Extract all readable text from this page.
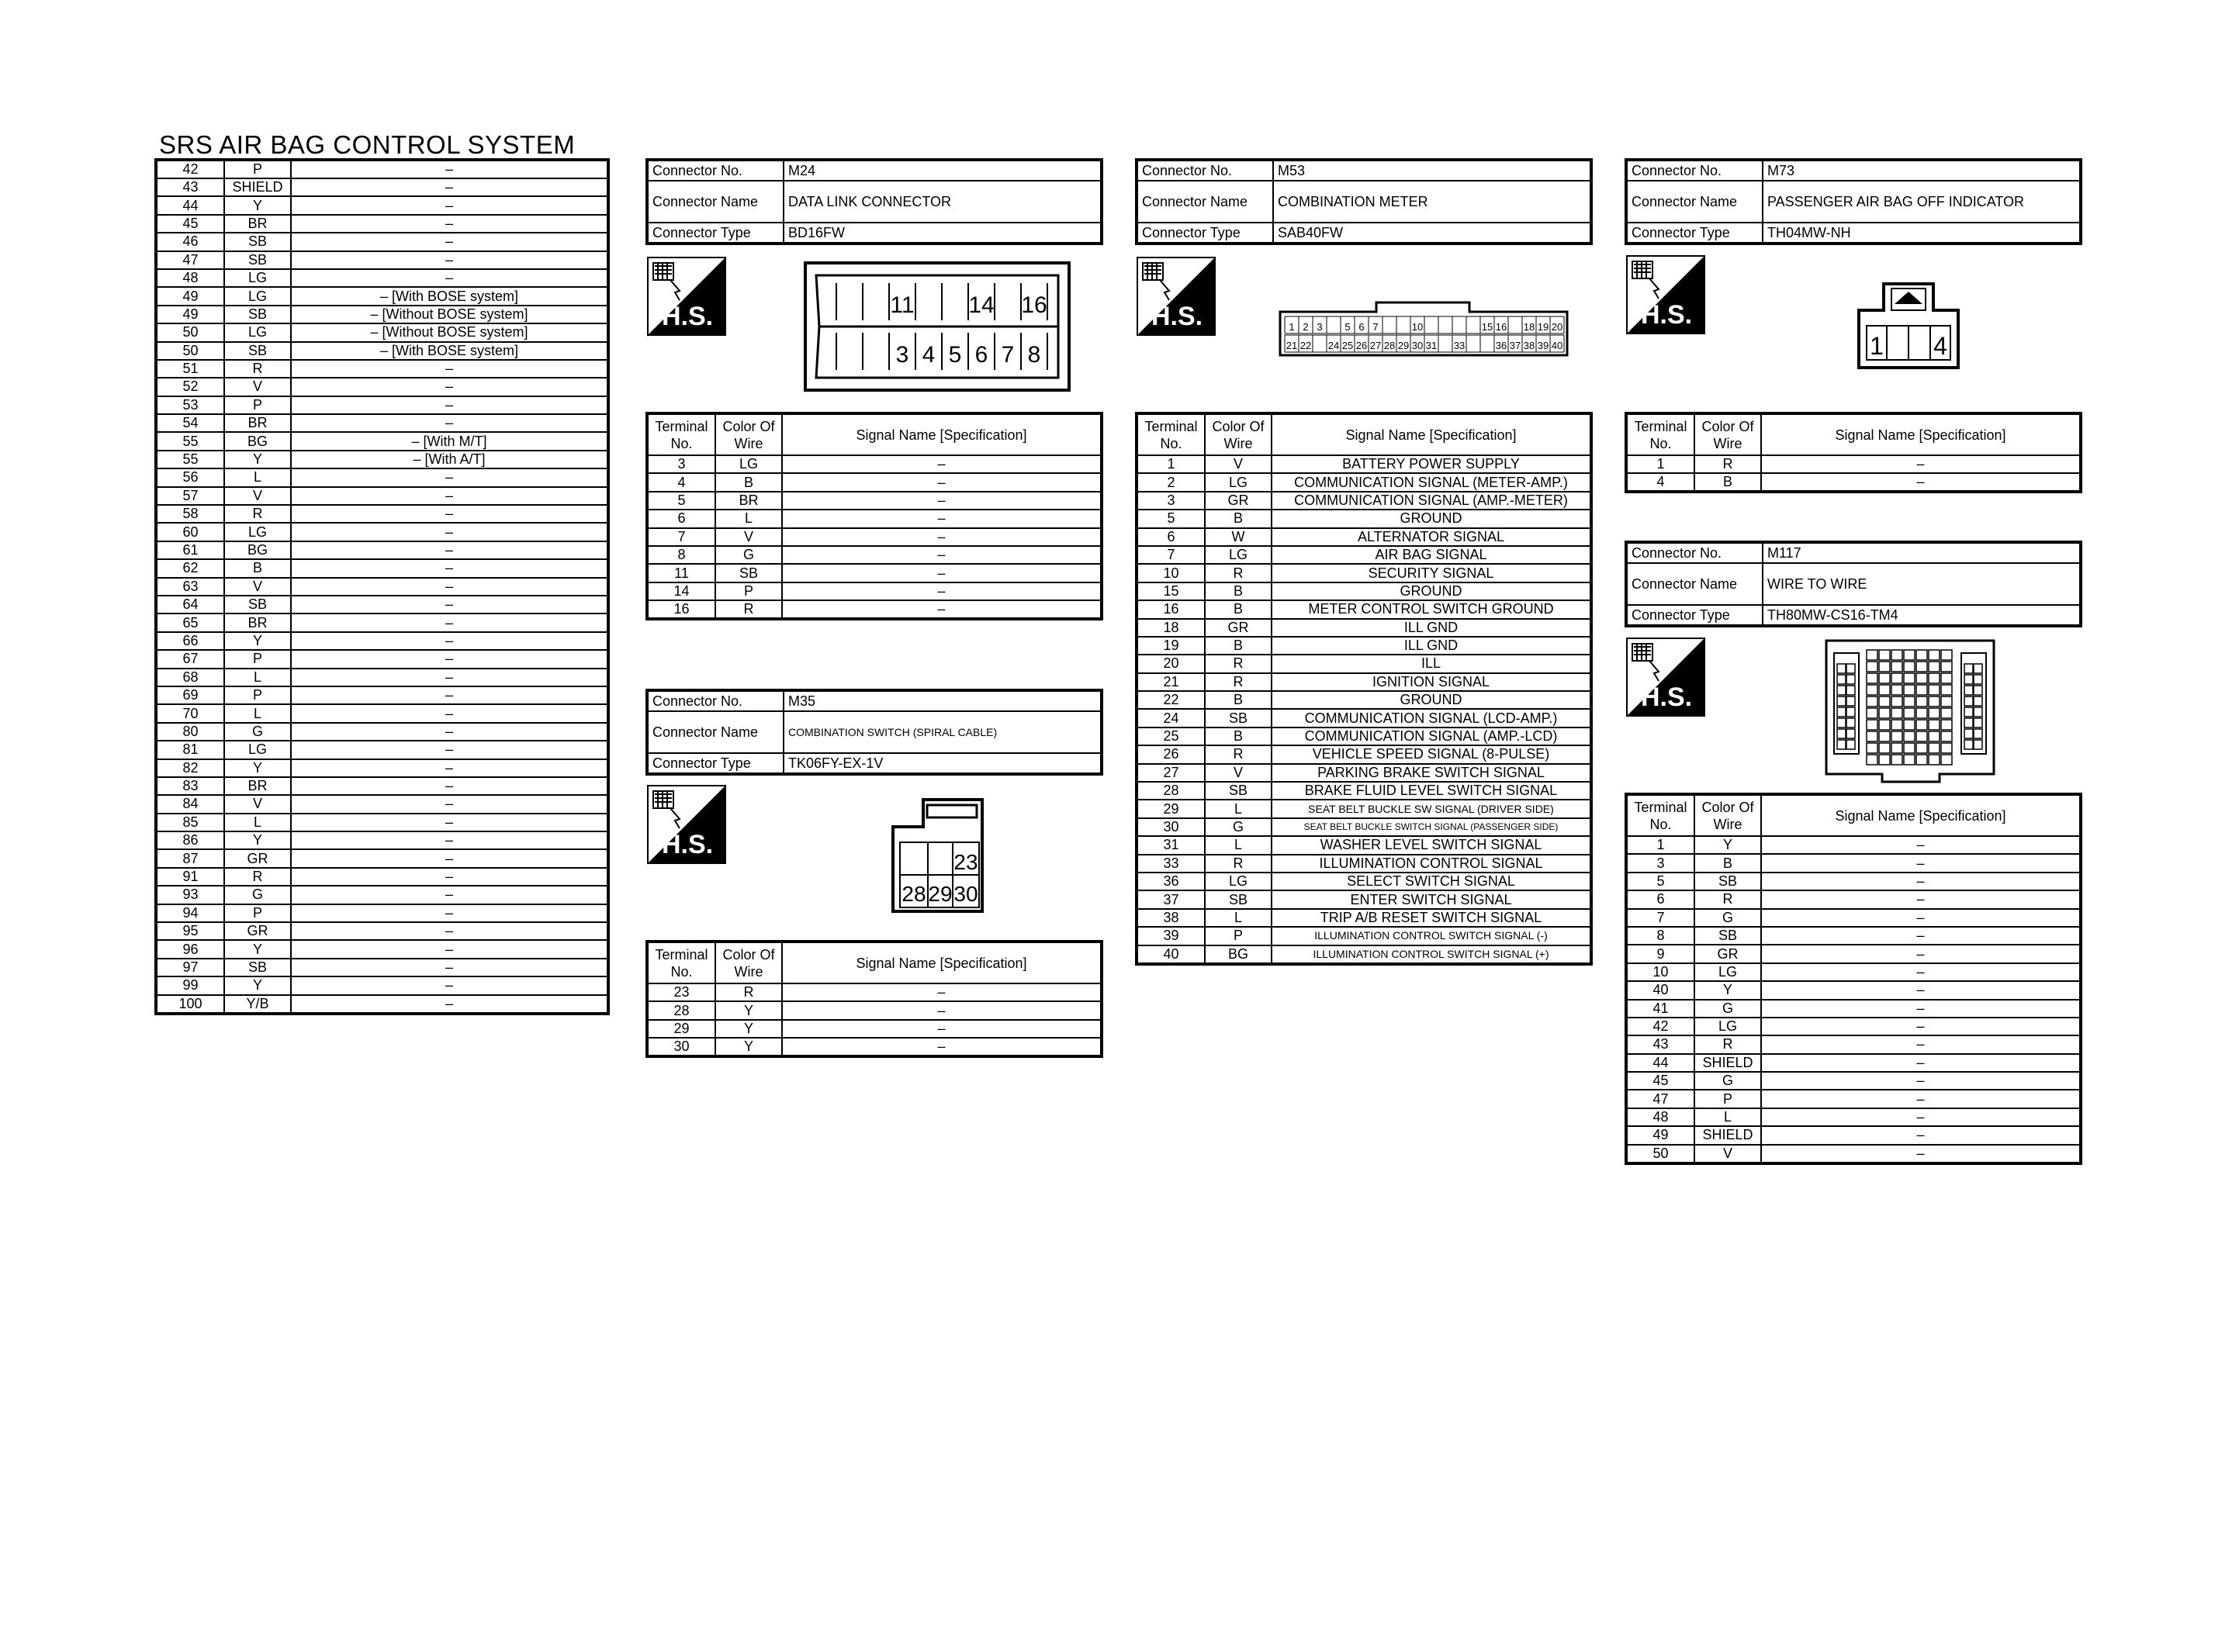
SRS AIR BAG CONTROL SYSTEM
42	P	–
43	SHIELD	–
44	Y	–
45	BR	–
46	SB	–
47	SB	–
48	LG	–
49	LG	– [With BOSE system]
49	SB	– [Without BOSE system]
50	LG	– [Without BOSE system]
50	SB	– [With BOSE system]
51	R	–
52	V	–
53	P	–
54	BR	–
55	BG	– [With M/T]
55	Y	– [With A/T]
56	L	–
57	V	–
58	R	–
60	LG	–
61	BG	–
62	B	–
63	V	–
64	SB	–
65	BR	–
66	Y	–
67	P	–
68	L	–
69	P	–
70	L	–
80	G	–
81	LG	–
82	Y	–
83	BR	–
84	V	–
85	L	–
86	Y	–
87	GR	–
91	R	–
93	G	–
94	P	–
95	GR	–
96	Y	–
97	SB	–
99	Y	–
100	Y/B	–
Connector No.	M24
Connector Name	DATA LINK CONNECTOR
Connector Type	BD16FW
H.S.	11 14 16
3 4 5 6 7 8
Terminal No.	Color Of Wire	Signal Name [Specification]
3	LG	–
4	B	–
5	BR	–
6	L	–
7	V	–
8	G	–
11	SB	–
14	P	–
16	R	–
Connector No.	M35
Connector Name	COMBINATION SWITCH (SPIRAL CABLE)
Connector Type	TK06FY-EX-1V
H.S.
23
28 29 30
Terminal No.	Color Of Wire	Signal Name [Specification]
23	R	–
28	Y	–
29	Y	–
30	Y	–
Connector No.	M53
Connector Name	COMBINATION METER
Connector Type	SAB40FW
H.S.	1 2 3 5 6 7	10	15 16 18 19 20
21 22 24 25 26 27 28 29 30 31 33	36 37 38 39 40
Terminal No.	Color Of Wire	Signal Name [Specification]
1	V	BATTERY POWER SUPPLY
2	LG	COMMUNICATION SIGNAL (METER-AMP.)
3	GR	COMMUNICATION SIGNAL (AMP.-METER)
5	B	GROUND
6	W	ALTERNATOR SIGNAL
7	LG	AIR BAG SIGNAL
10	R	SECURITY SIGNAL
15	B	GROUND
16	B	METER CONTROL SWITCH GROUND
18	GR	ILL GND
19	B	ILL GND
20	R	ILL
21	R	IGNITION SIGNAL
22	B	GROUND
24	SB	COMMUNICATION SIGNAL (LCD-AMP.)
25	B	COMMUNICATION SIGNAL (AMP.-LCD)
26	R	VEHICLE SPEED SIGNAL (8-PULSE)
27	V	PARKING BRAKE SWITCH SIGNAL
28	SB	BRAKE FLUID LEVEL SWITCH SIGNAL
29	L	SEAT BELT BUCKLE SW SIGNAL (DRIVER SIDE)
30	G	SEAT BELT BUCKLE SWITCH SIGNAL (PASSENGER SIDE)
31	L	WASHER LEVEL SWITCH SIGNAL
33	R	ILLUMINATION CONTROL SIGNAL
36	LG	SELECT SWITCH SIGNAL
37	SB	ENTER SWITCH SIGNAL
38	L	TRIP A/B RESET SWITCH SIGNAL
39	P	ILLUMINATION CONTROL SWITCH SIGNAL (-)
40	BG	ILLUMINATION CONTROL SWITCH SIGNAL (+)
Connector No.	M73
Connector Name	PASSENGER AIR BAG OFF INDICATOR
Connector Type	TH04MW-NH
H.S.
1 4
Terminal No.	Color Of Wire	Signal Name [Specification]
1	R	–
4	B	–
Connector No.	M117
Connector Name	WIRE TO WIRE
Connector Type	TH80MW-CS16-TM4
H.S.
Terminal No.	Color Of Wire	Signal Name [Specification]
1	Y	–
3	B	–
5	SB	–
6	R	–
7	G	–
8	SB	–
9	GR	–
10	LG	–
40	Y	–
41	G	–
42	LG	–
43	R	–
44	SHIELD	–
45	G	–
47	P	–
48	L	–
49	SHIELD	–
50	V	–
